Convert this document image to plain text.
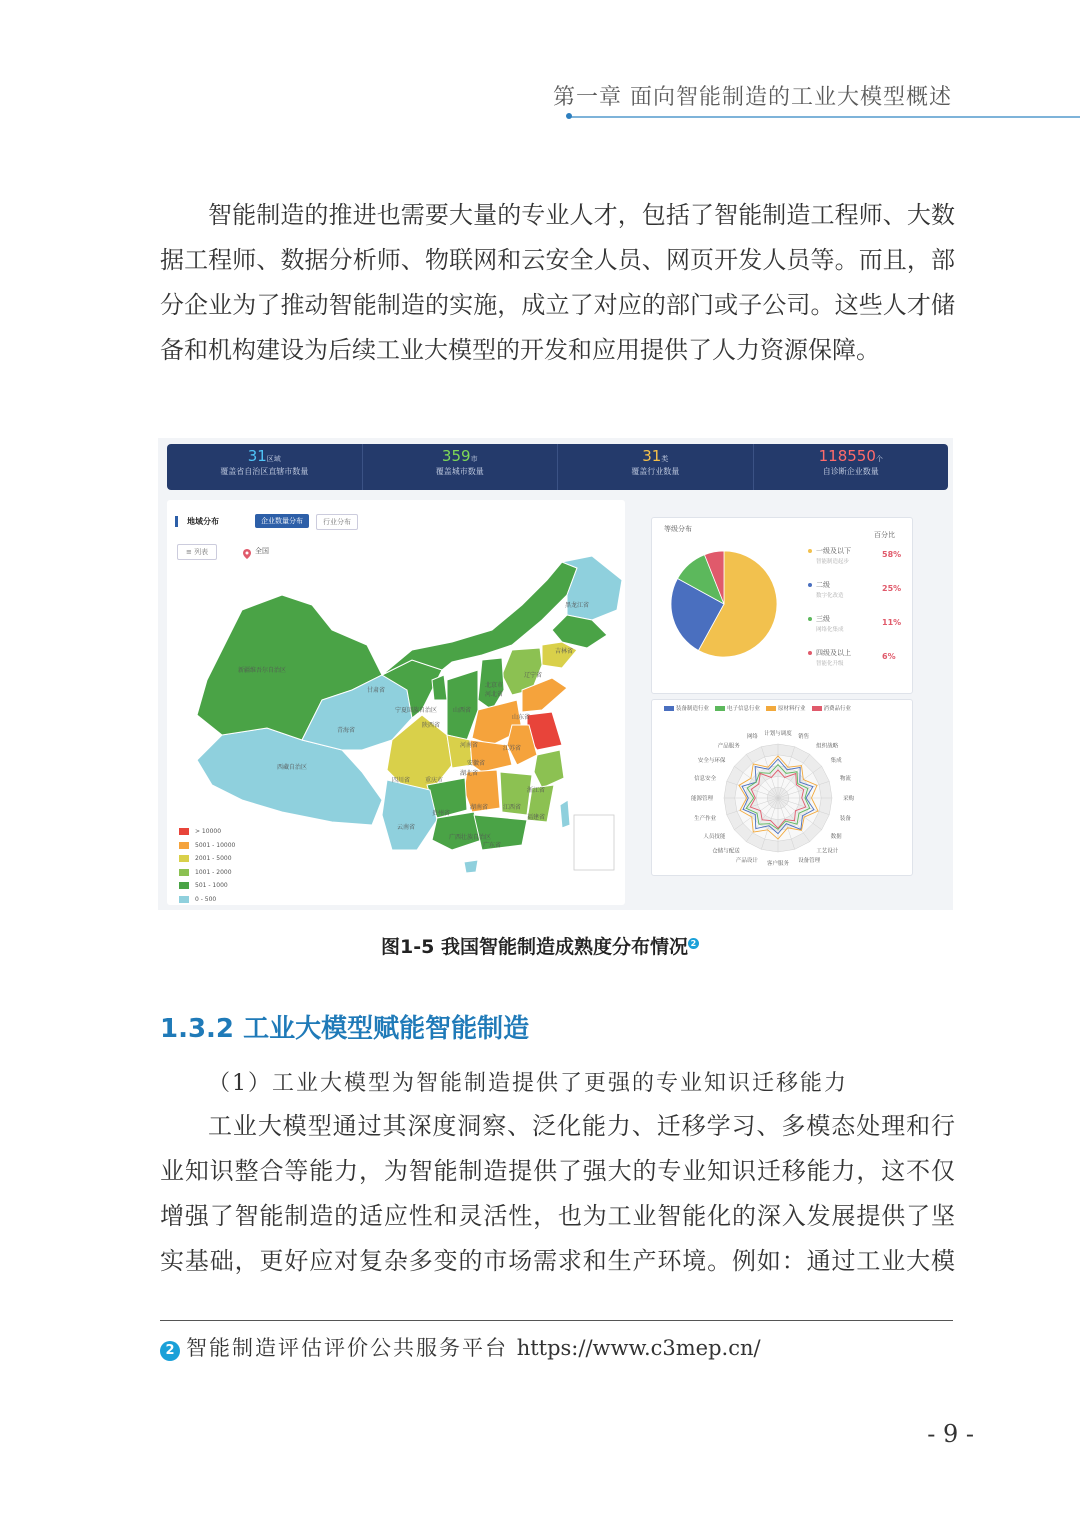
第一章 面向智能制造的工业大模型概述
智能制造的推进也需要大量的专业人才，包括了智能制造工程师、大数
据工程师、数据分析师、物联网和云安全人员、网页开发人员等。而且，部
分企业为了推动智能制造的实施，成立了对应的部门或子公司。这些人才储
备和机构建设为后续工业大模型的开发和应用提供了人力资源保障。
31区域
覆盖省自治区直辖市数量
359市
覆盖城市数量
31类
覆盖行业数量
118550个
自诊断企业数量
地域分布	企业数量分布	行业分布
≡ 列表	全国
黑龙江省
吉林省
辽宁省
北京市
河北省
山东省
新疆维吾尔自治区
青海省
甘肃省
宁夏回族自治区
陕西省
山西省
河南省	江苏省
安徽省
西藏自治区
四川省 重庆市
湖北省
浙江省
湖南省 江西省
贵州省
云南省
广西壮族自治区
广东省
福建省
> 10000
5001 - 10000
2001 - 5000
1001 - 2000
501 - 1000
0 - 500
等级分布
百分比
一级及以下
智能制造起步
58%
二级
数字化改造
25%
三级
网络化集成
11%
四级及以上
智能化升级
6%
装备制造行业	电子信息行业	原材料行业	消费品行业
计划与调度
销售
组织战略
集成
物流
采购
装备
数据
工艺设计
设备管理
客户服务
产品设计
仓储与配送
人员技能
生产作业
能源管理
信息安全
安全与环保
产品服务
网络
图1-5 我国智能制造成熟度分布情况 2
1.3.2 工业大模型赋能智能制造
（1）工业大模型为智能制造提供了更强的专业知识迁移能力
工业大模型通过其深度洞察、泛化能力、迁移学习、多模态处理和行
业知识整合等能力，为智能制造提供了强大的专业知识迁移能力，这不仅
增强了智能制造的适应性和灵活性，也为工业智能化的深入发展提供了坚
实基础，更好应对复杂多变的市场需求和生产环境。例如：通过工业大模
2 智能制造评估评价公共服务平台 https://www.c3mep.cn/
- 9 -
